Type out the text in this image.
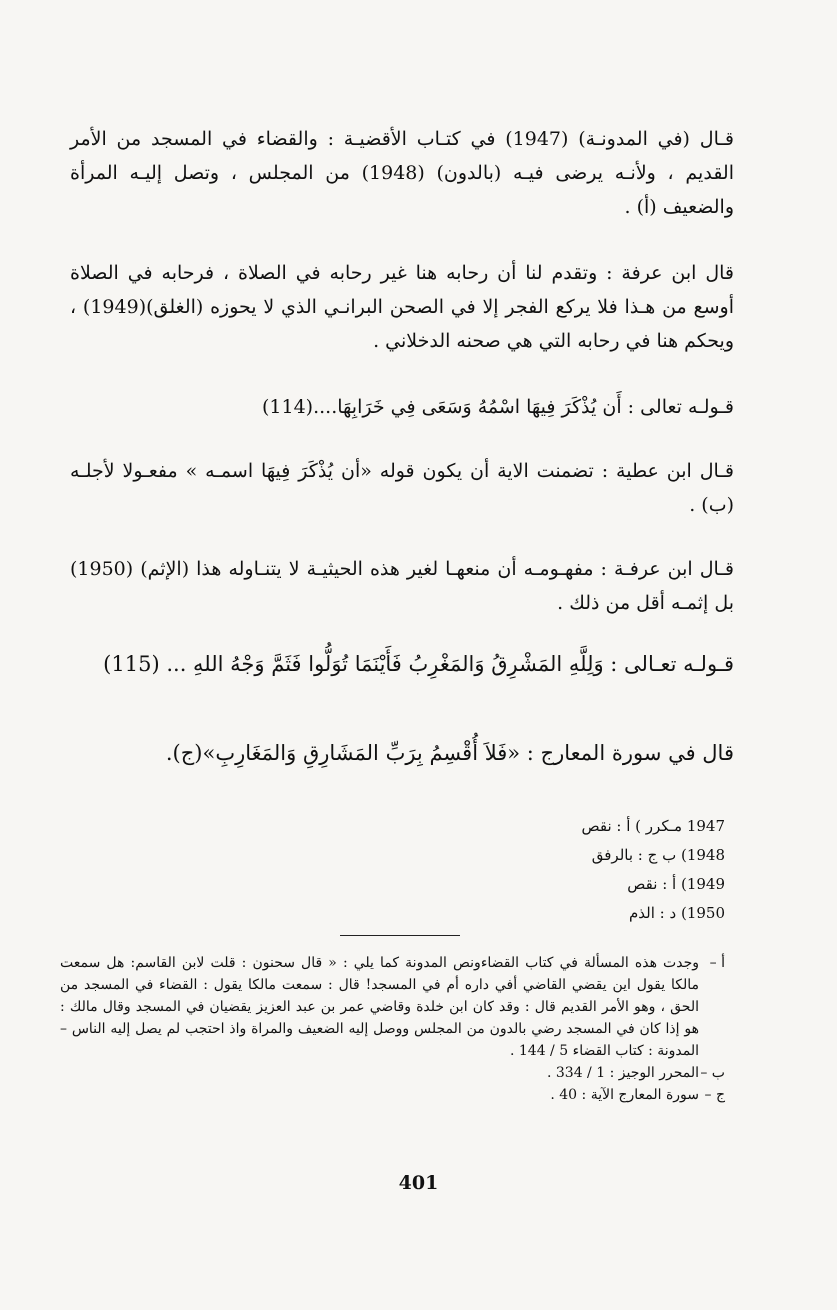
قـال (في المدونـة) (1947) في كتـاب الأقضيـة : والقضاء في المسجد من الأمر القديم ، ولأنـه يرضى فيـه (بالدون) (1948) من المجلس ، وتصل إليـه المرأة والضعيف (أ) .

قال ابن عرفة : وتقدم لنا أن رحابه هنا غير رحابه في الصلاة ، فرحابه في الصلاة أوسع من هـذا فلا يركع الفجر إلا في الصحن البرانـي الذي لا يحوزه (الغلق)(1949) ، ويحكم هنا في رحابه التي هي صحنه الدخلاني .

قـولـه تعالى : أَن يُذْكَرَ فِيهَا اسْمُهُ وَسَعَى فِي خَرَابِهَا....(114)

قـال ابن عطية : تضمنت الاية أن يكون قوله «أن يُذْكَرَ فِيهَا اسمـه » مفعـولا لأجلـه (ب) .

قـال ابن عرفـة : مفهـومـه أن منعهـا لغير هذه الحيثيـة لا يتنـاوله هذا (الإثم) (1950) بل إثمـه أقل من ذلك .

قـولـه تعـالى : وَلِلَّهِ المَشْرِقُ وَالمَغْرِبُ فَأَيْنَمَا تُوَلُّوا فَثَمَّ وَجْهُ اللهِ ... (115)

قال في سورة المعارج : «فَلاَ أُقْسِمُ بِرَبِّ المَشَارِقِ وَالمَغَارِبِ»(ج).

1947 مـكرر ) أ : نقص
1948) ب ج : بالرفق
1949) أ : نقص
1950) د : الذم
أ –
وجدت هذه المسألة في كتاب القضاءونص المدونة كما يلي : « قال سحنون : قلت لابن القاسم: هل سمعت مالكا يقول اين يقضي القاضي أفي داره أم في المسجد! قال : سمعت مالكا يقول : القضاء في المسجد من الحق ، وهو الأمر القديم قال : وقد كان ابن خلدة وقاضي عمر بن عبد العزيز يقضيان في المسجد وقال مالك : هو إذا كان في المسجد رضي بالدون من المجلس ووصل إليه الضعيف والمراة واذ احتجب لم يصل إليه الناس – المدونة : كتاب القضاء 5 / 144 .
ب –
المحرر الوجيز : 1 / 334 .
ج –
سورة المعارج الآية : 40 .
401
